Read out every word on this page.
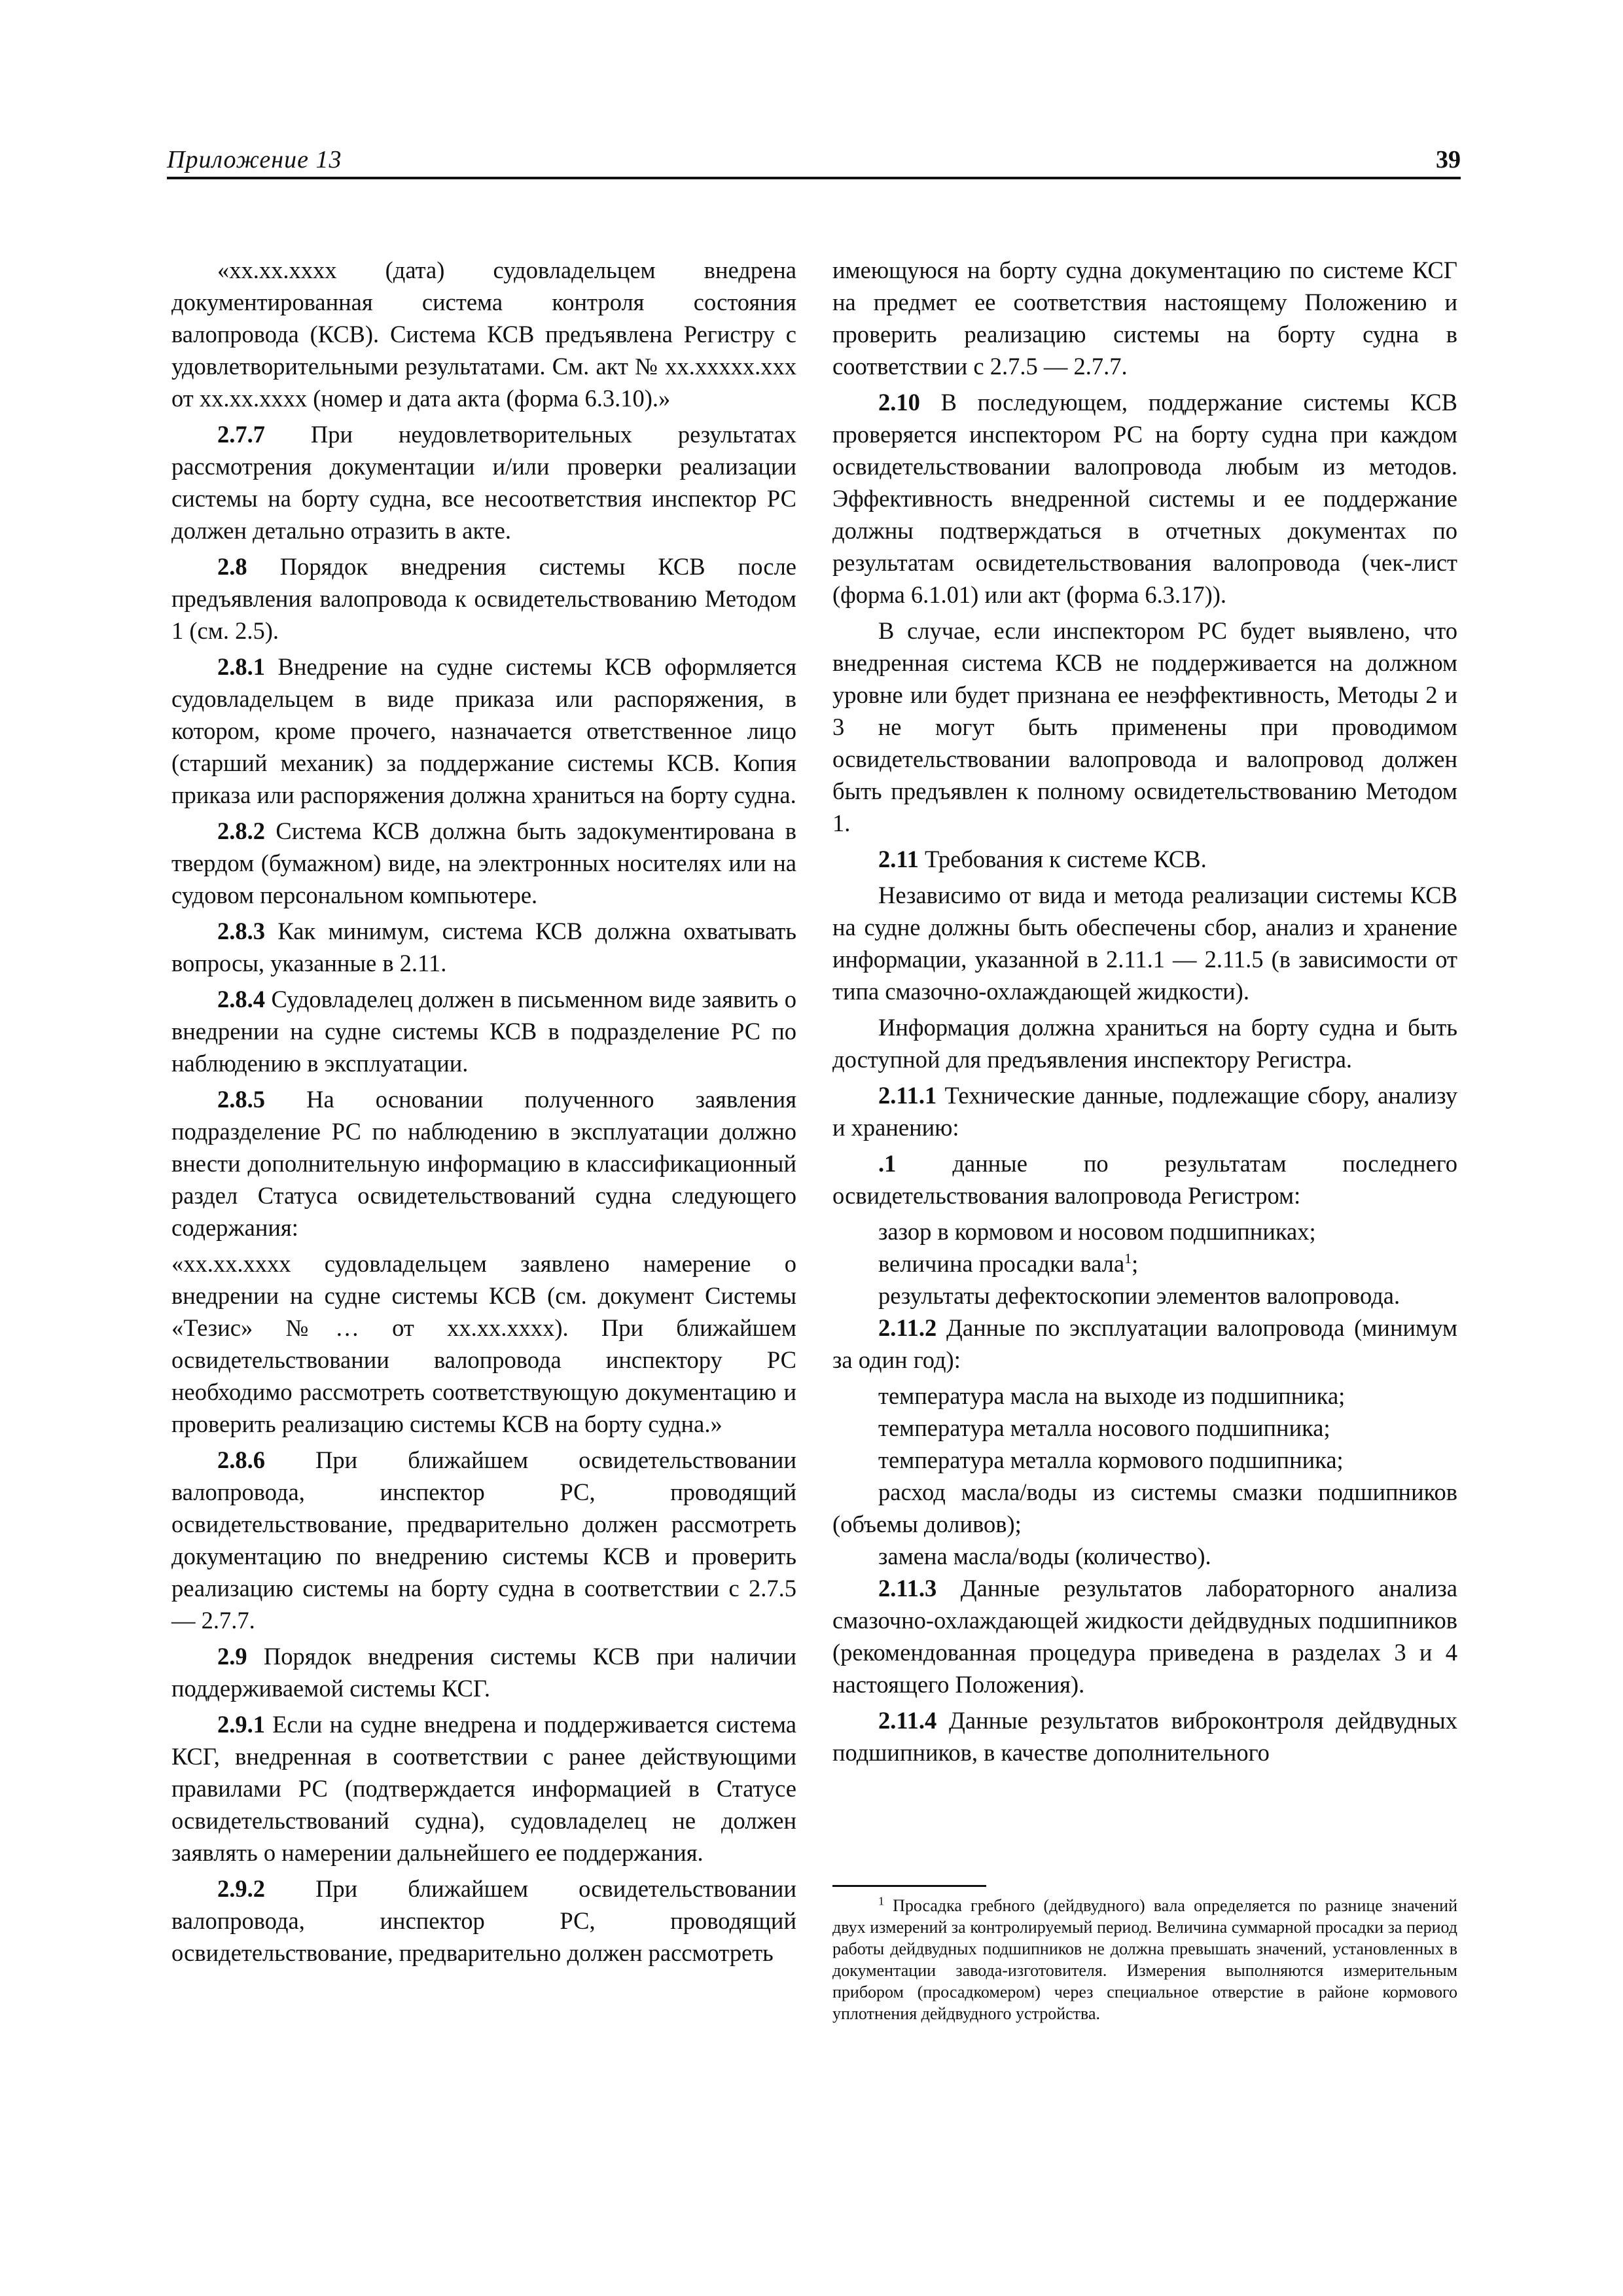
Приложение 13	39

«xx.xx.xxxx (дата) судовладельцем внедрена документированная система контроля состояния валопровода (КСВ). Система КСВ предъявлена Регистру с удовлетворительными результатами. См. акт № xx.xxxxx.xxx от xx.xx.xxxx (номер и дата акта (форма 6.3.10).»

2.7.7 При неудовлетворительных результатах рассмотрения документации и/или проверки реализации системы на борту судна, все несоответствия инспектор РС должен детально отразить в акте.

2.8 Порядок внедрения системы КСВ после предъявления валопровода к освидетельствованию Методом 1 (см. 2.5).

2.8.1 Внедрение на судне системы КСВ оформляется судовладельцем в виде приказа или распоряжения, в котором, кроме прочего, назначается ответственное лицо (старший механик) за поддержание системы КСВ. Копия приказа или распоряжения должна храниться на борту судна.

2.8.2 Система КСВ должна быть задокументирована в твердом (бумажном) виде, на электронных носителях или на судовом персональном компьютере.

2.8.3 Как минимум, система КСВ должна охватывать вопросы, указанные в 2.11.

2.8.4 Судовладелец должен в письменном виде заявить о внедрении на судне системы КСВ в подразделение РС по наблюдению в эксплуатации.

2.8.5 На основании полученного заявления подразделение РС по наблюдению в эксплуатации должно внести дополнительную информацию в классификационный раздел Статуса освидетельствований судна следующего содержания:

«xx.xx.xxxx судовладельцем заявлено намерение о внедрении на судне системы КСВ (см. документ Системы «Тезис» №… от xx.xx.xxxx). При ближайшем освидетельствовании валопровода инспектору РС необходимо рассмотреть соответствующую документацию и проверить реализацию системы КСВ на борту судна.»

2.8.6 При ближайшем освидетельствовании валопровода, инспектор РС, проводящий освидетельствование, предварительно должен рассмотреть документацию по внедрению системы КСВ и проверить реализацию системы на борту судна в соответствии с 2.7.5 — 2.7.7.

2.9 Порядок внедрения системы КСВ при наличии поддерживаемой системы КСГ.

2.9.1 Если на судне внедрена и поддерживается система КСГ, внедренная в соответствии с ранее действующими правилами РС (подтверждается информацией в Статусе освидетельствований судна), судовладелец не должен заявлять о намерении дальнейшего ее поддержания.

2.9.2 При ближайшем освидетельствовании валопровода, инспектор РС, проводящий освидетельствование, предварительно должен рассмотреть

имеющуюся на борту судна документацию по системе КСГ на предмет ее соответствия настоящему Положению и проверить реализацию системы на борту судна в соответствии с 2.7.5 — 2.7.7.

2.10 В последующем, поддержание системы КСВ проверяется инспектором РС на борту судна при каждом освидетельствовании валопровода любым из методов. Эффективность внедренной системы и ее поддержание должны подтверждаться в отчетных документах по результатам освидетельствования валопровода (чек-лист (форма 6.1.01) или акт (форма 6.3.17)).

В случае, если инспектором РС будет выявлено, что внедренная система КСВ не поддерживается на должном уровне или будет признана ее неэффективность, Методы 2 и 3 не могут быть применены при проводимом освидетельствовании валопровода и валопровод должен быть предъявлен к полному освидетельствованию Методом 1.

2.11 Требования к системе КСВ.

Независимо от вида и метода реализации системы КСВ на судне должны быть обеспечены сбор, анализ и хранение информации, указанной в 2.11.1 — 2.11.5 (в зависимости от типа смазочно-охлаждающей жидкости).

Информация должна храниться на борту судна и быть доступной для предъявления инспектору Регистра.

2.11.1 Технические данные, подлежащие сбору, анализу и хранению:

.1 данные по результатам последнего освидетельствования валопровода Регистром:

зазор в кормовом и носовом подшипниках;

величина просадки вала$^1$;

результаты дефектоскопии элементов валопровода.

2.11.2 Данные по эксплуатации валопровода (минимум за один год):

температура масла на выходе из подшипника;

температура металла носового подшипника;

температура металла кормового подшипника;

расход масла/воды из системы смазки подшипников (объемы доливов);

замена масла/воды (количество).

2.11.3 Данные результатов лабораторного анализа смазочно-охлаждающей жидкости дейдвудных подшипников (рекомендованная процедура приведена в разделах 3 и 4 настоящего Положения).

2.11.4 Данные результатов виброконтроля дейдвудных подшипников, в качестве дополнительного

$^1$ Просадка гребного (дейдвудного) вала определяется по разнице значений двух измерений за контролируемый период. Величина суммарной просадки за период работы дейдвудных подшипников не должна превышать значений, установленных в документации завода-изготовителя. Измерения выполняются измерительным прибором (просадкомером) через специальное отверстие в районе кормового уплотнения дейдвудного устройства.
